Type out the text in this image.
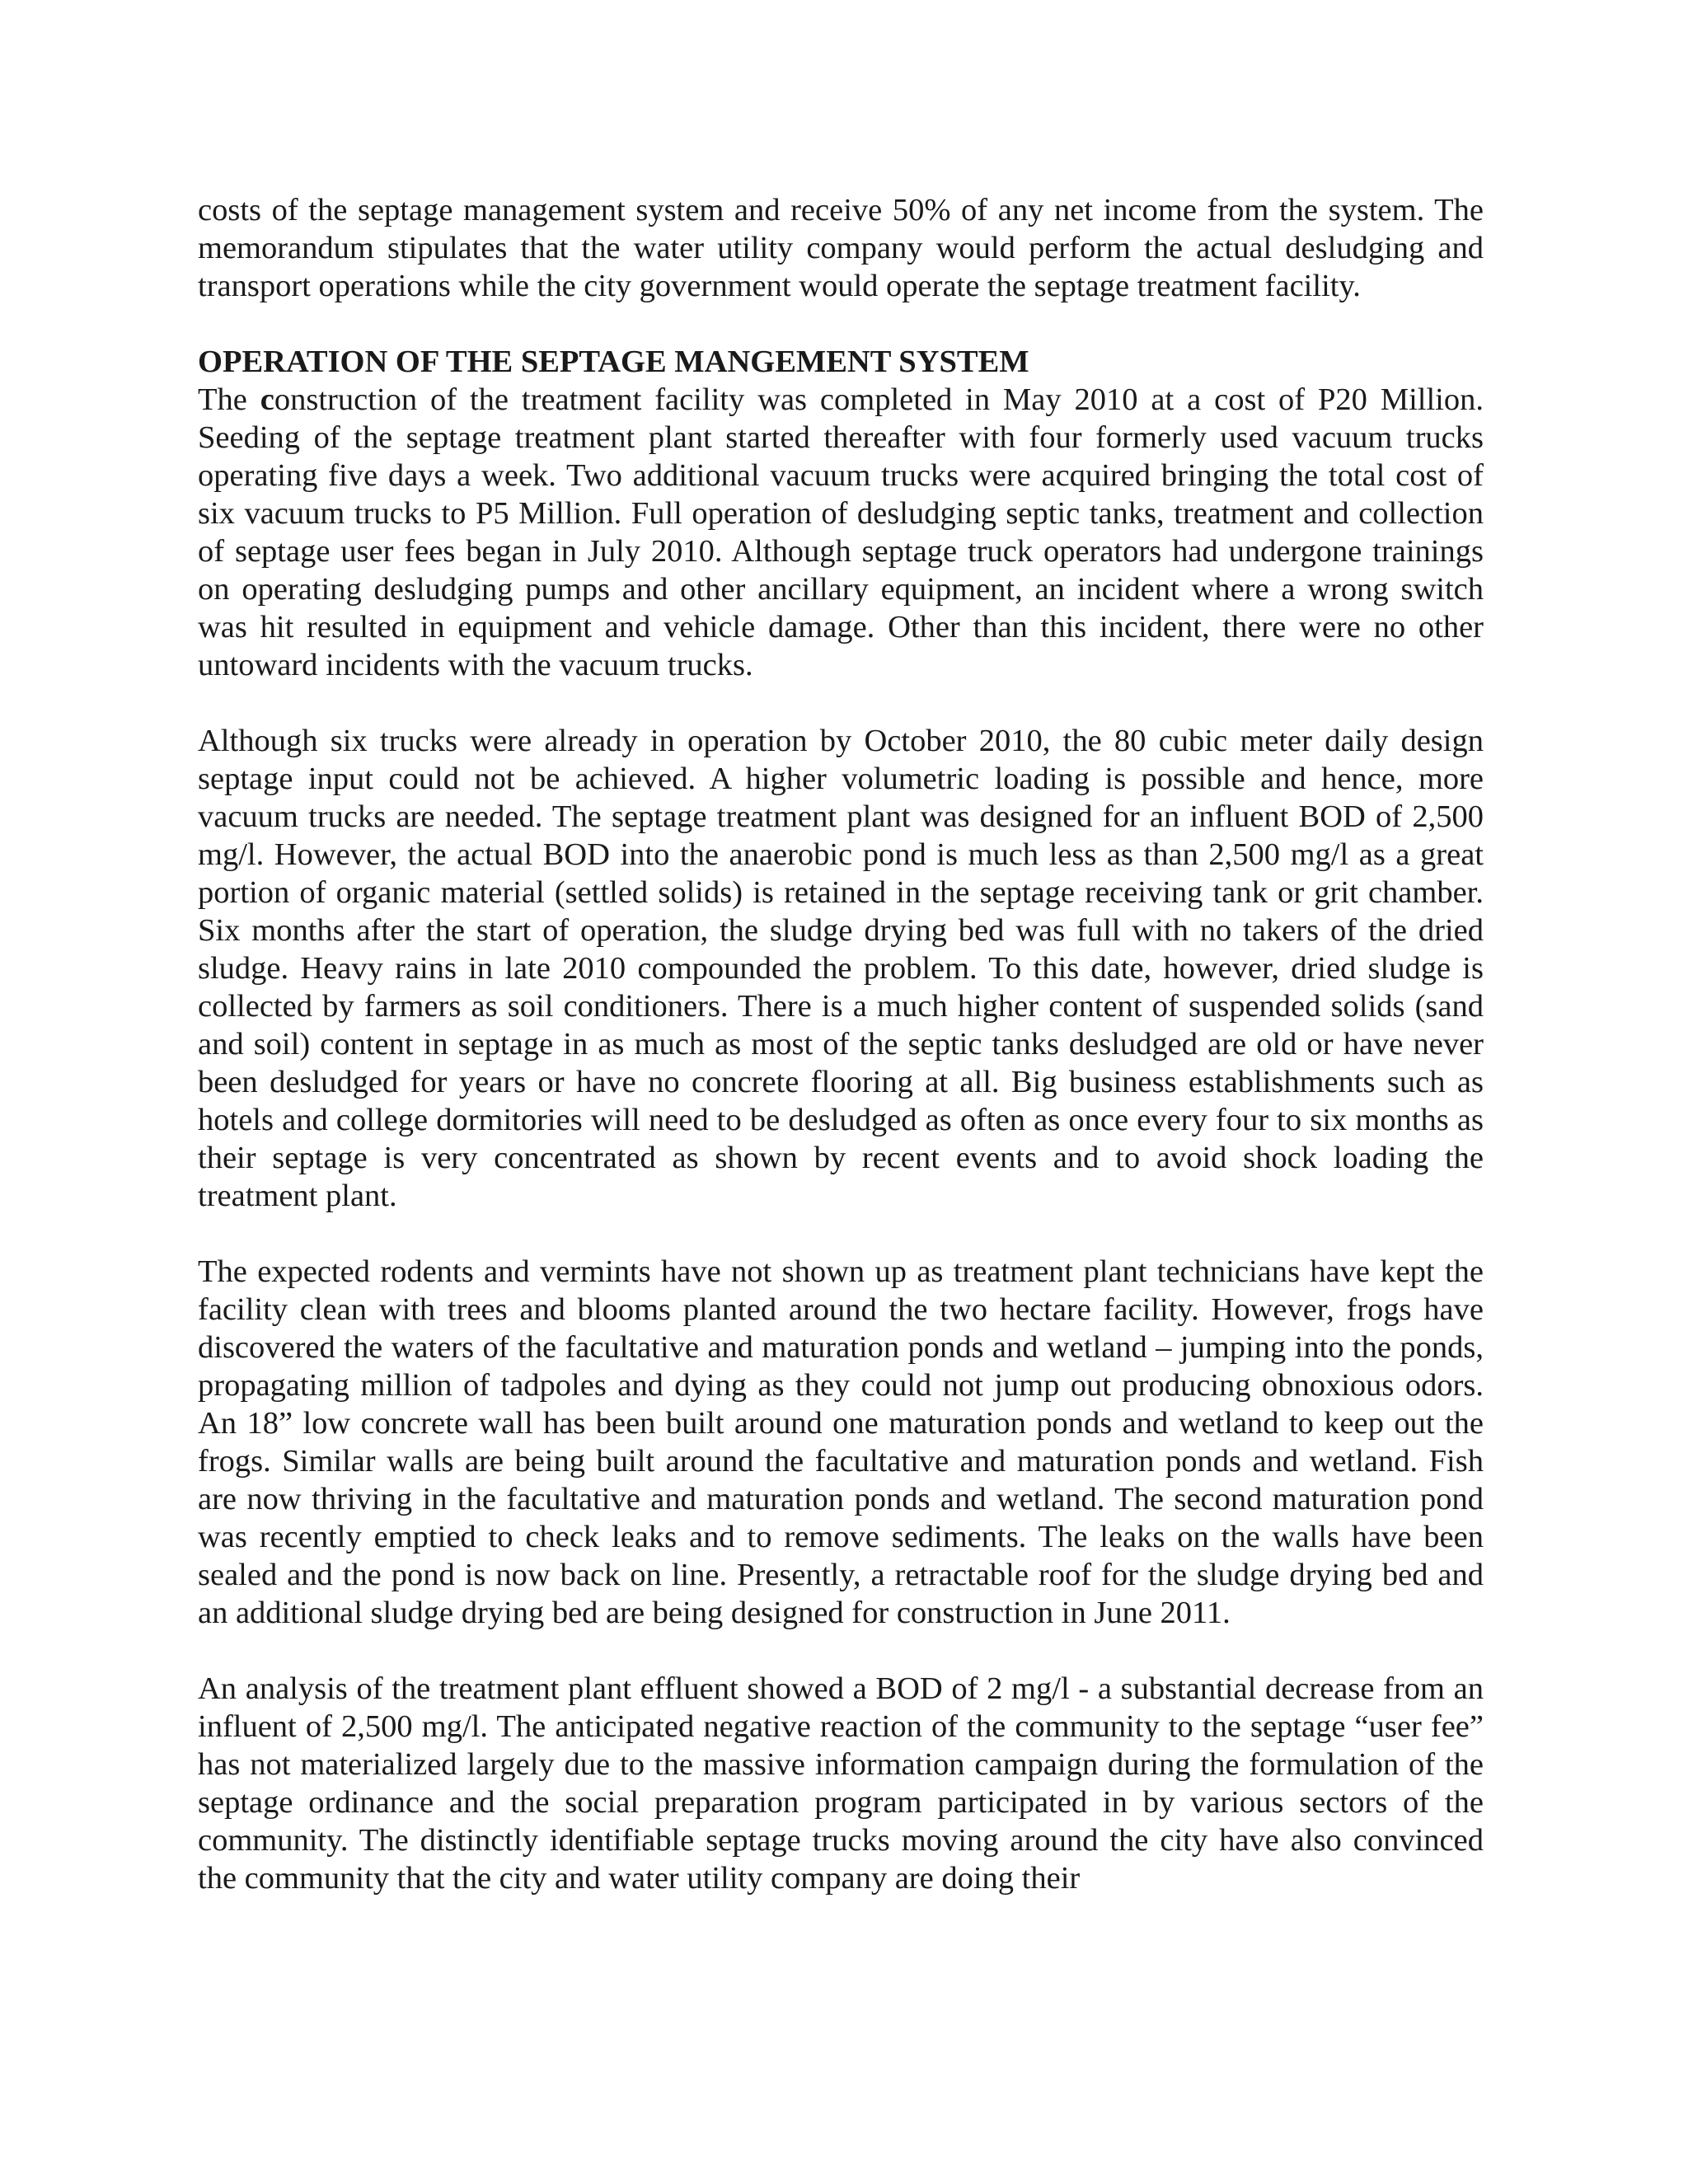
costs of the septage management system and receive 50% of any net income from the system. The memorandum stipulates that the water utility company would perform the actual desludging and transport operations while the city government would operate the septage treatment facility.

OPERATION OF THE SEPTAGE MANGEMENT SYSTEM

The construction of the treatment facility was completed in May 2010 at a cost of P20 Million. Seeding of the septage treatment plant started thereafter with four formerly used vacuum trucks operating five days a week. Two additional vacuum trucks were acquired bringing the total cost of six vacuum trucks to P5 Million. Full operation of desludging septic tanks, treatment and collection of septage user fees began in July 2010. Although septage truck operators had undergone trainings on operating desludging pumps and other ancillary equipment, an incident where a wrong switch was hit resulted in equipment and vehicle damage. Other than this incident, there were no other untoward incidents with the vacuum trucks.

Although six trucks were already in operation by October 2010, the 80 cubic meter daily design septage input could not be achieved. A higher volumetric loading is possible and hence, more vacuum trucks are needed. The septage treatment plant was designed for an influent BOD of 2,500 mg/l. However, the actual BOD into the anaerobic pond is much less as than 2,500 mg/l as a great portion of organic material (settled solids) is retained in the septage receiving tank or grit chamber. Six months after the start of operation, the sludge drying bed was full with no takers of the dried sludge. Heavy rains in late 2010 compounded the problem. To this date, however, dried sludge is collected by farmers as soil conditioners. There is a much higher content of suspended solids (sand and soil) content in septage in as much as most of the septic tanks desludged are old or have never been desludged for years or have no concrete flooring at all. Big business establishments such as hotels and college dormitories will need to be desludged as often as once every four to six months as their septage is very concentrated as shown by recent events and to avoid shock loading the treatment plant.

The expected rodents and vermints have not shown up as treatment plant technicians have kept the facility clean with trees and blooms planted around the two hectare facility. However, frogs have discovered the waters of the facultative and maturation ponds and wetland – jumping into the ponds, propagating million of tadpoles and dying as they could not jump out producing obnoxious odors. An 18” low concrete wall has been built around one maturation ponds and wetland to keep out the frogs. Similar walls are being built around the facultative and maturation ponds and wetland. Fish are now thriving in the facultative and maturation ponds and wetland. The second maturation pond was recently emptied to check leaks and to remove sediments. The leaks on the walls have been sealed and the pond is now back on line. Presently, a retractable roof for the sludge drying bed and an additional sludge drying bed are being designed for construction in June 2011.

An analysis of the treatment plant effluent showed a BOD of 2 mg/l - a substantial decrease from an influent of 2,500 mg/l. The anticipated negative reaction of the community to the septage “user fee” has not materialized largely due to the massive information campaign during the formulation of the septage ordinance and the social preparation program participated in by various sectors of the community. The distinctly identifiable septage trucks moving around the city have also convinced the community that the city and water utility company are doing their
